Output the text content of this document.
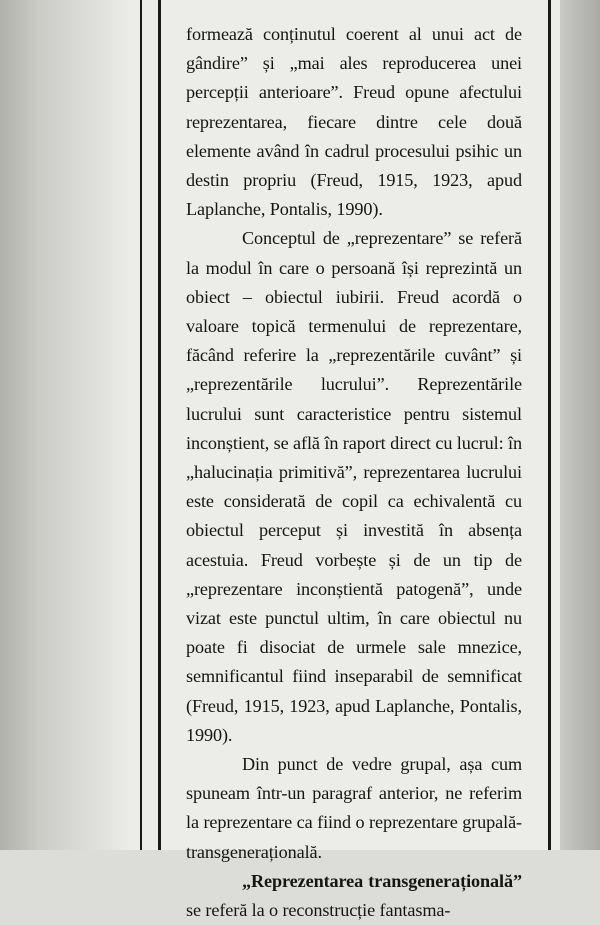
formează conținutul coerent al unui act de gândire” și „mai ales reproducerea unei percepții anterioare”. Freud opune afectului reprezentarea, fiecare dintre cele două elemente având în cadrul procesului psihic un destin propriu (Freud, 1915, 1923, apud Laplanche, Pontalis, 1990).

Conceptul de „reprezentare” se referă la modul în care o persoană își reprezintă un obiect – obiectul iubirii. Freud acordă o valoare topică termenului de reprezentare, făcând referire la „reprezentările cuvânt” și „reprezentările lucrului”. Reprezentările lucrului sunt caracteristice pentru sistemul inconștient, se află în raport direct cu lucrul: în „halucinația primitivă”, reprezentarea lucrului este considerată de copil ca echivalentă cu obiectul perceput și investită în absența acestuia. Freud vorbește și de un tip de „reprezentare inconștientă patogenă”, unde vizat este punctul ultim, în care obiectul nu poate fi disociat de urmele sale mnezice, semnificantul fiind inseparabil de semnificat (Freud, 1915, 1923, apud Laplanche, Pontalis, 1990).

Din punct de vedre grupal, așa cum spuneam într-un paragraf anterior, ne referim la reprezentare ca fiind o reprezentare grupală-transgenerațională.

„Reprezentarea transgenerațională” se referă la o reconstrucție fantasma-
